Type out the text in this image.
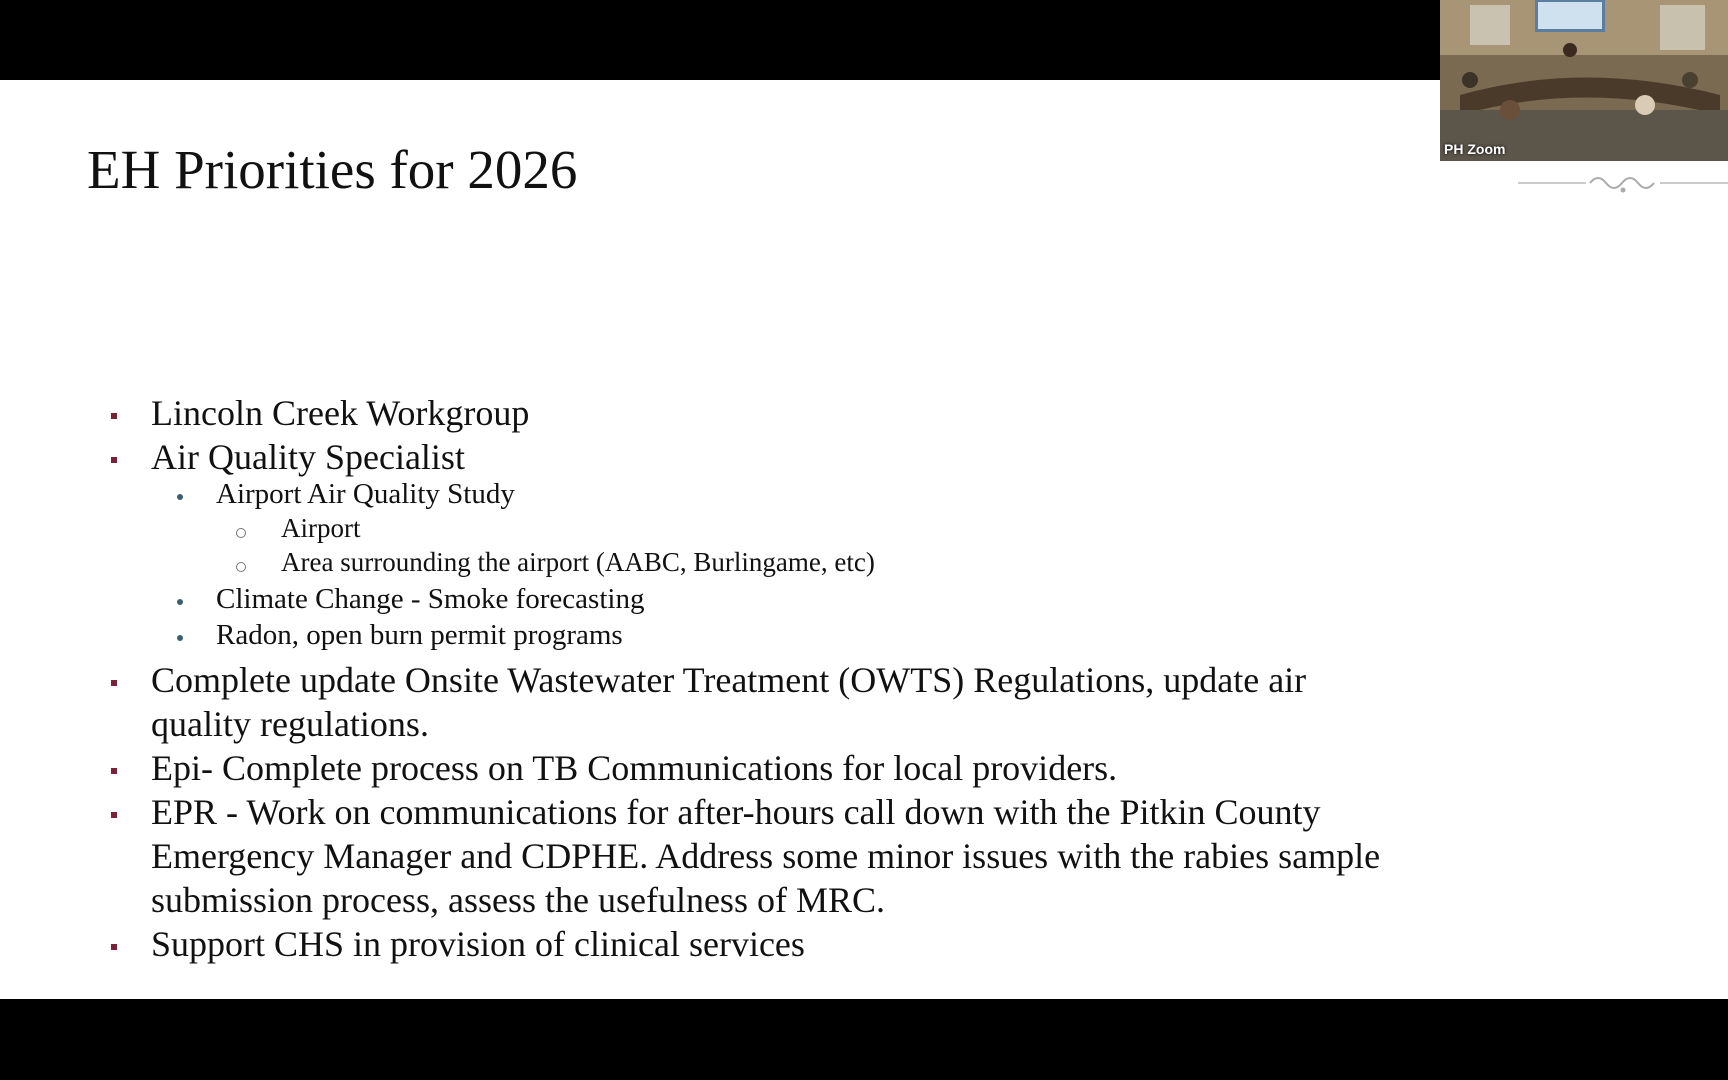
EH Priorities for 2026
Lincoln Creek Workgroup
Air Quality Specialist
Airport Air Quality Study
Airport
Area surrounding the airport (AABC, Burlingame, etc)
Climate Change - Smoke forecasting
Radon, open burn permit programs
Complete update Onsite Wastewater Treatment (OWTS) Regulations, update air
quality regulations.
Epi- Complete process on TB Communications for local providers.
EPR - Work on communications for after-hours call down with the Pitkin County
Emergency Manager and CDPHE. Address some minor issues with the rabies sample
submission process, assess the usefulness of MRC.
Support CHS in provision of clinical services
PH Zoom
